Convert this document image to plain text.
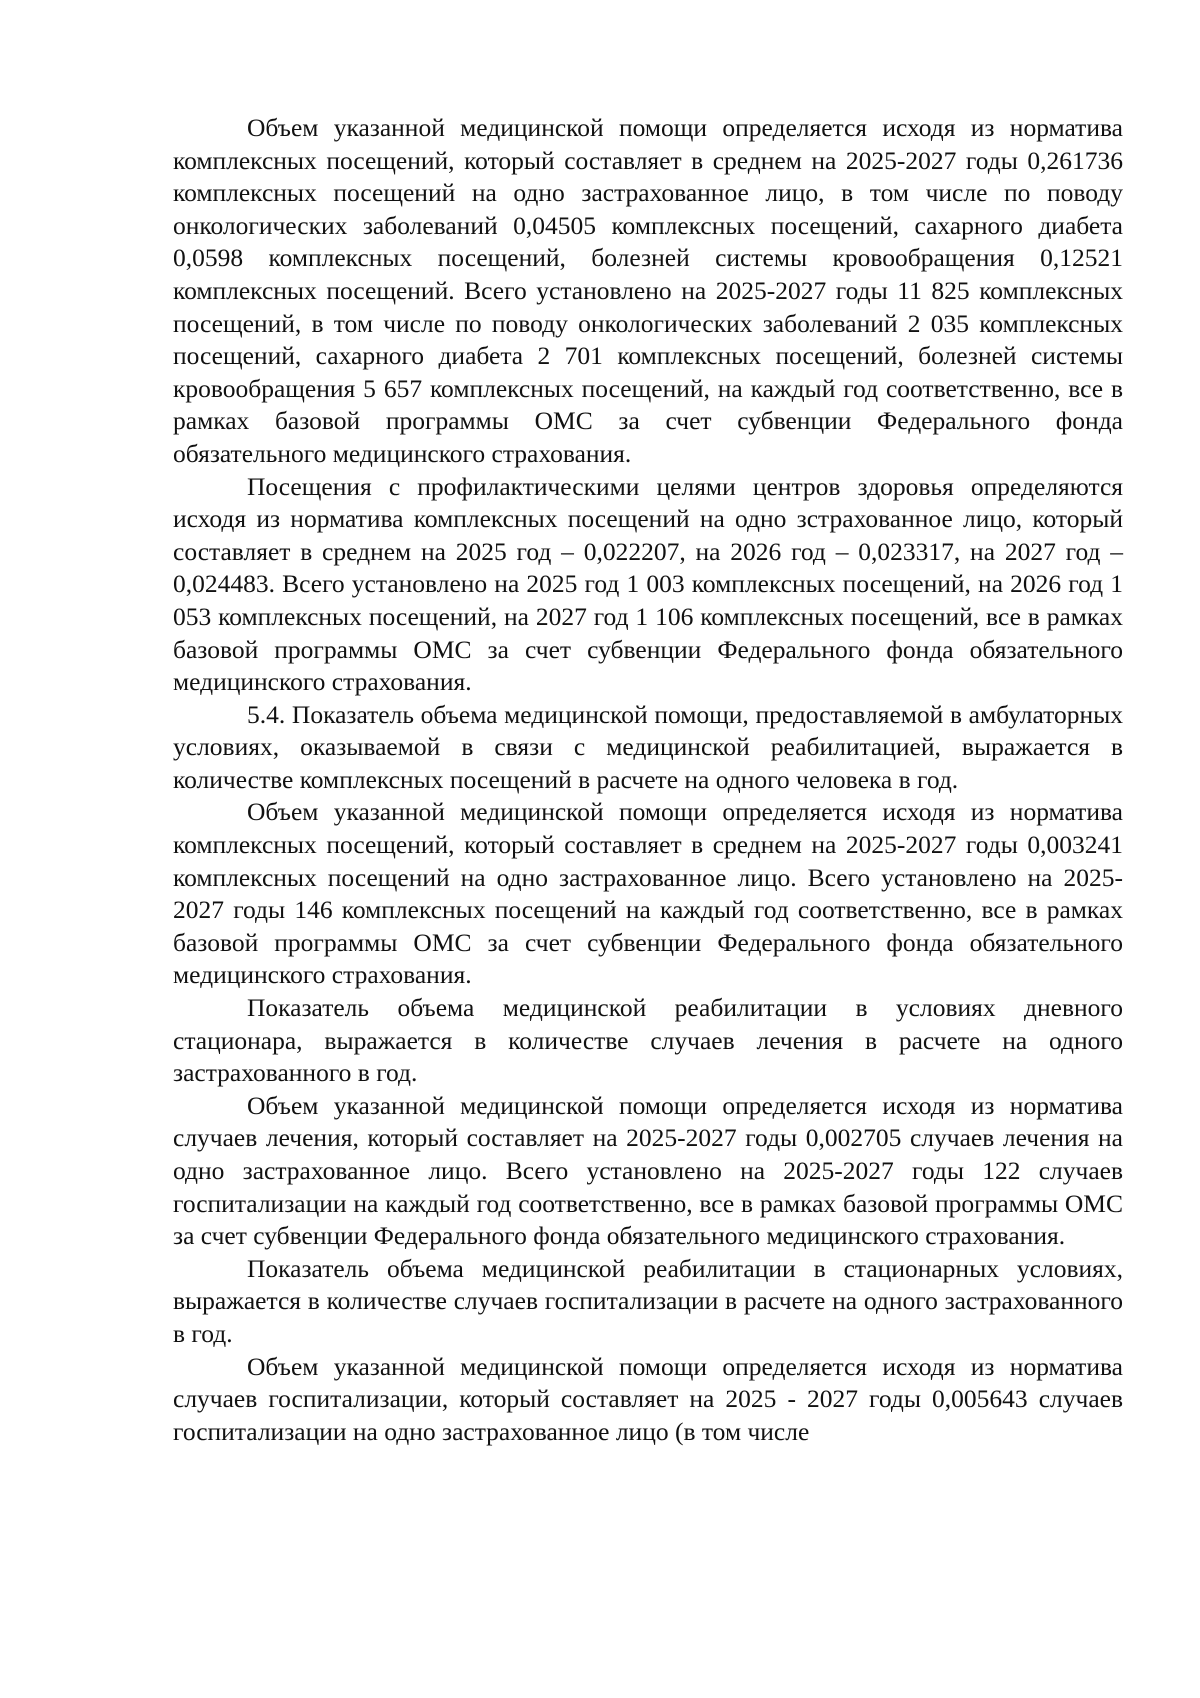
Объем указанной медицинской помощи определяется исходя из норматива комплексных посещений, который составляет в среднем на 2025-2027 годы 0,261736 комплексных посещений на одно застрахованное лицо, в том числе по поводу онкологических заболеваний 0,04505 комплексных посещений, сахарного диабета 0,0598 комплексных посещений, болезней системы кровообращения 0,12521 комплексных посещений. Всего установлено на 2025-2027 годы 11 825 комплексных посещений, в том числе по поводу онкологических заболеваний 2 035 комплексных посещений, сахарного диабета 2 701 комплексных посещений, болезней системы кровообращения 5 657 комплексных посещений, на каждый год соответственно, все в рамках базовой программы ОМС за счет субвенции Федерального фонда обязательного медицинского страхования.

Посещения с профилактическими целями центров здоровья определяются исходя из норматива комплексных посещений на одно зстрахованное лицо, который составляет в среднем на 2025 год – 0,022207, на 2026 год – 0,023317, на 2027 год – 0,024483. Всего установлено на 2025 год 1 003 комплексных посещений, на 2026 год 1 053 комплексных посещений, на 2027 год 1 106 комплексных посещений, все в рамках базовой программы ОМС за счет субвенции Федерального фонда обязательного медицинского страхования.

5.4. Показатель объема медицинской помощи, предоставляемой в амбулаторных условиях, оказываемой в связи с медицинской реабилитацией, выражается в количестве комплексных посещений в расчете на одного человека в год.

Объем указанной медицинской помощи определяется исходя из норматива комплексных посещений, который составляет в среднем на 2025-2027 годы 0,003241 комплексных посещений на одно застрахованное лицо. Всего установлено на 2025-2027 годы 146 комплексных посещений на каждый год соответственно, все в рамках базовой программы ОМС за счет субвенции Федерального фонда обязательного медицинского страхования.

Показатель объема медицинской реабилитации в условиях дневного стационара, выражается в количестве случаев лечения в расчете на одного застрахованного в год.

Объем указанной медицинской помощи определяется исходя из норматива случаев лечения, который составляет на 2025-2027 годы 0,002705 случаев лечения на одно застрахованное лицо. Всего установлено на 2025-2027 годы 122 случаев госпитализации на каждый год соответственно, все в рамках базовой программы ОМС за счет субвенции Федерального фонда обязательного медицинского страхования.

Показатель объема медицинской реабилитации в стационарных условиях, выражается в количестве случаев госпитализации в расчете на одного застрахованного в год.

Объем указанной медицинской помощи определяется исходя из норматива случаев госпитализации, который составляет на 2025 - 2027 годы 0,005643 случаев госпитализации на одно застрахованное лицо (в том числе
